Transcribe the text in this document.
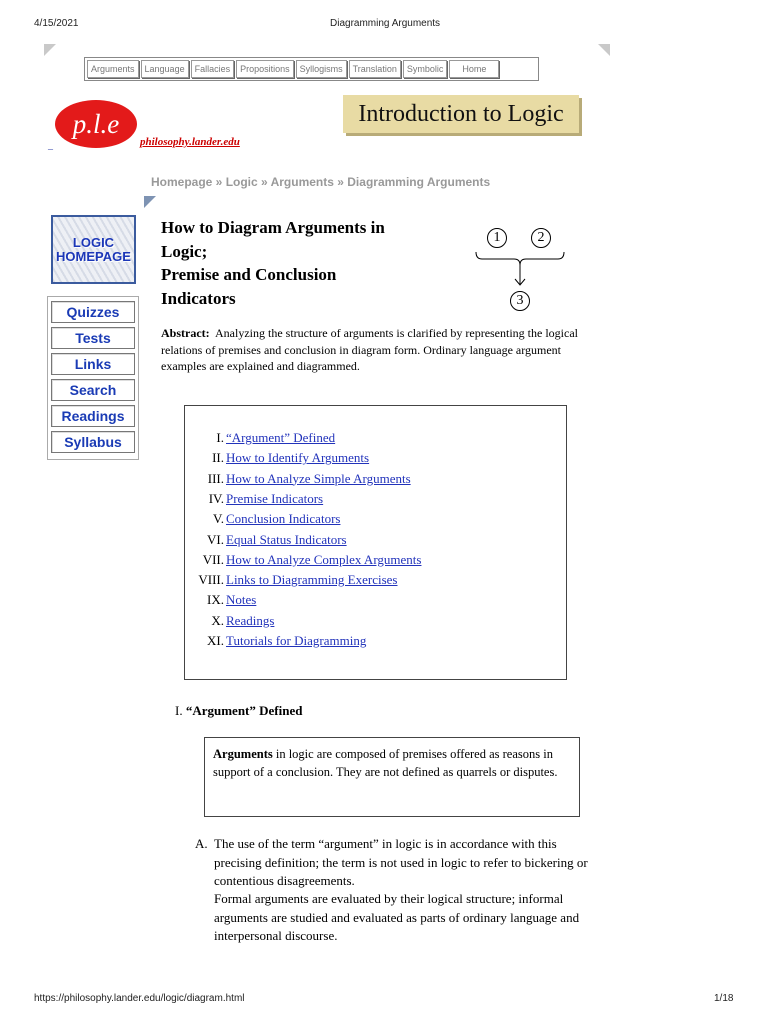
4/15/2021	Diagramming Arguments
Arguments	Language	Fallacies	Propositions	Syllogisms	Translation	Symbolic	Home
p.l.e
_	philosophy.lander.edu
Introduction to Logic
Homepage » Logic » Arguments » Diagramming Arguments
LOGIC
HOMEPAGE
Quizzes
Tests
Links
Search
Readings
Syllabus
How to Diagram Arguments in
Logic;
Premise and Conclusion
Indicators
1	2
3
Abstract: Analyzing the structure of arguments is clarified by representing the logical relations of premises and conclusion in diagram form. Ordinary language argument examples are explained and diagrammed.
I. “Argument” Defined
II. How to Identify Arguments
III. How to Analyze Simple Arguments
IV. Premise Indicators
V. Conclusion Indicators
VI. Equal Status Indicators
VII. How to Analyze Complex Arguments
VIII. Links to Diagramming Exercises
IX. Notes
X. Readings
XI. Tutorials for Diagramming
I. “Argument” Defined
Arguments in logic are composed of premises offered as reasons in support of a conclusion. They are not defined as quarrels or disputes.
A. The use of the term “argument” in logic is in accordance with this precising definition; the term is not used in logic to refer to bickering or contentious disagreements.
Formal arguments are evaluated by their logical structure; informal arguments are studied and evaluated as parts of ordinary language and interpersonal discourse.
https://philosophy.lander.edu/logic/diagram.html	1/18
